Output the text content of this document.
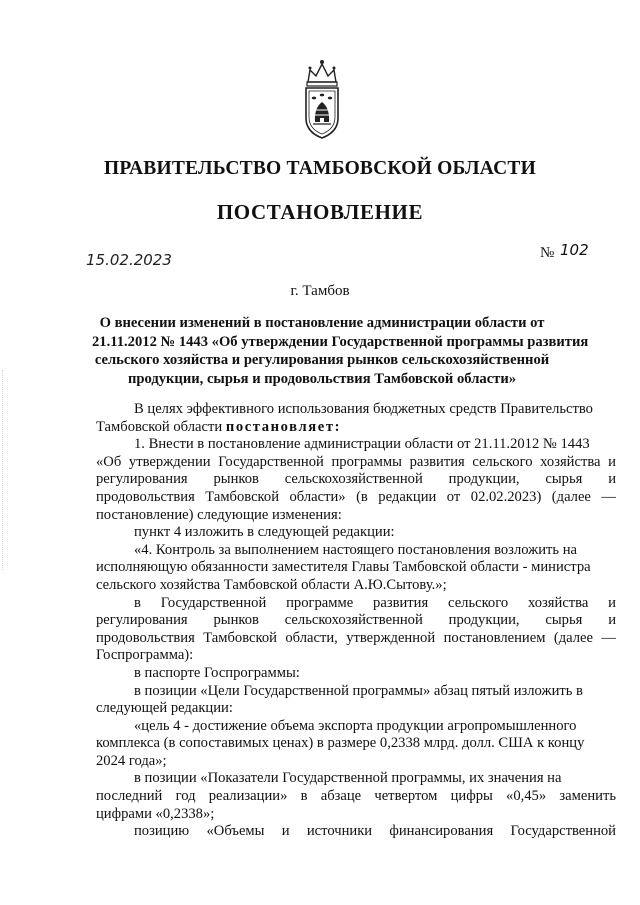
ПРАВИТЕЛЬСТВО ТАМБОВСКОЙ ОБЛАСТИ
ПОСТАНОВЛЕНИЕ
15.02.2023	№ 102
г. Тамбов
О внесении изменений в постановление администрации области от
21.11.2012 № 1443 «Об утверждении Государственной программы развития
сельского хозяйства и регулирования рынков сельскохозяйственной
продукции, сырья и продовольствия Тамбовской области»
В целях эффективного использования бюджетных средств Правительство
Тамбовской области постановляет:
1. Внести в постановление администрации области от 21.11.2012 № 1443
«Об утверждении Государственной программы развития сельского хозяйства и
регулирования рынков сельскохозяйственной продукции, сырья и
продовольствия Тамбовской области» (в редакции от 02.02.2023) (далее —
постановление) следующие изменения:
пункт 4 изложить в следующей редакции:
«4. Контроль за выполнением настоящего постановления возложить на
исполняющую обязанности заместителя Главы Тамбовской области - министра
сельского хозяйства Тамбовской области А.Ю.Сытову.»;
в Государственной программе развития сельского хозяйства и
регулирования рынков сельскохозяйственной продукции, сырья и
продовольствия Тамбовской области, утвержденной постановлением (далее —
Госпрограмма):
в паспорте Госпрограммы:
в позиции «Цели Государственной программы» абзац пятый изложить в
следующей редакции:
«цель 4 - достижение объема экспорта продукции агропромышленного
комплекса (в сопоставимых ценах) в размере 0,2338 млрд. долл. США к концу
2024 года»;
в позиции «Показатели Государственной программы, их значения на
последний год реализации» в абзаце четвертом цифры «0,45» заменить
цифрами «0,2338»;
позицию «Объемы и источники финансирования Государственной
